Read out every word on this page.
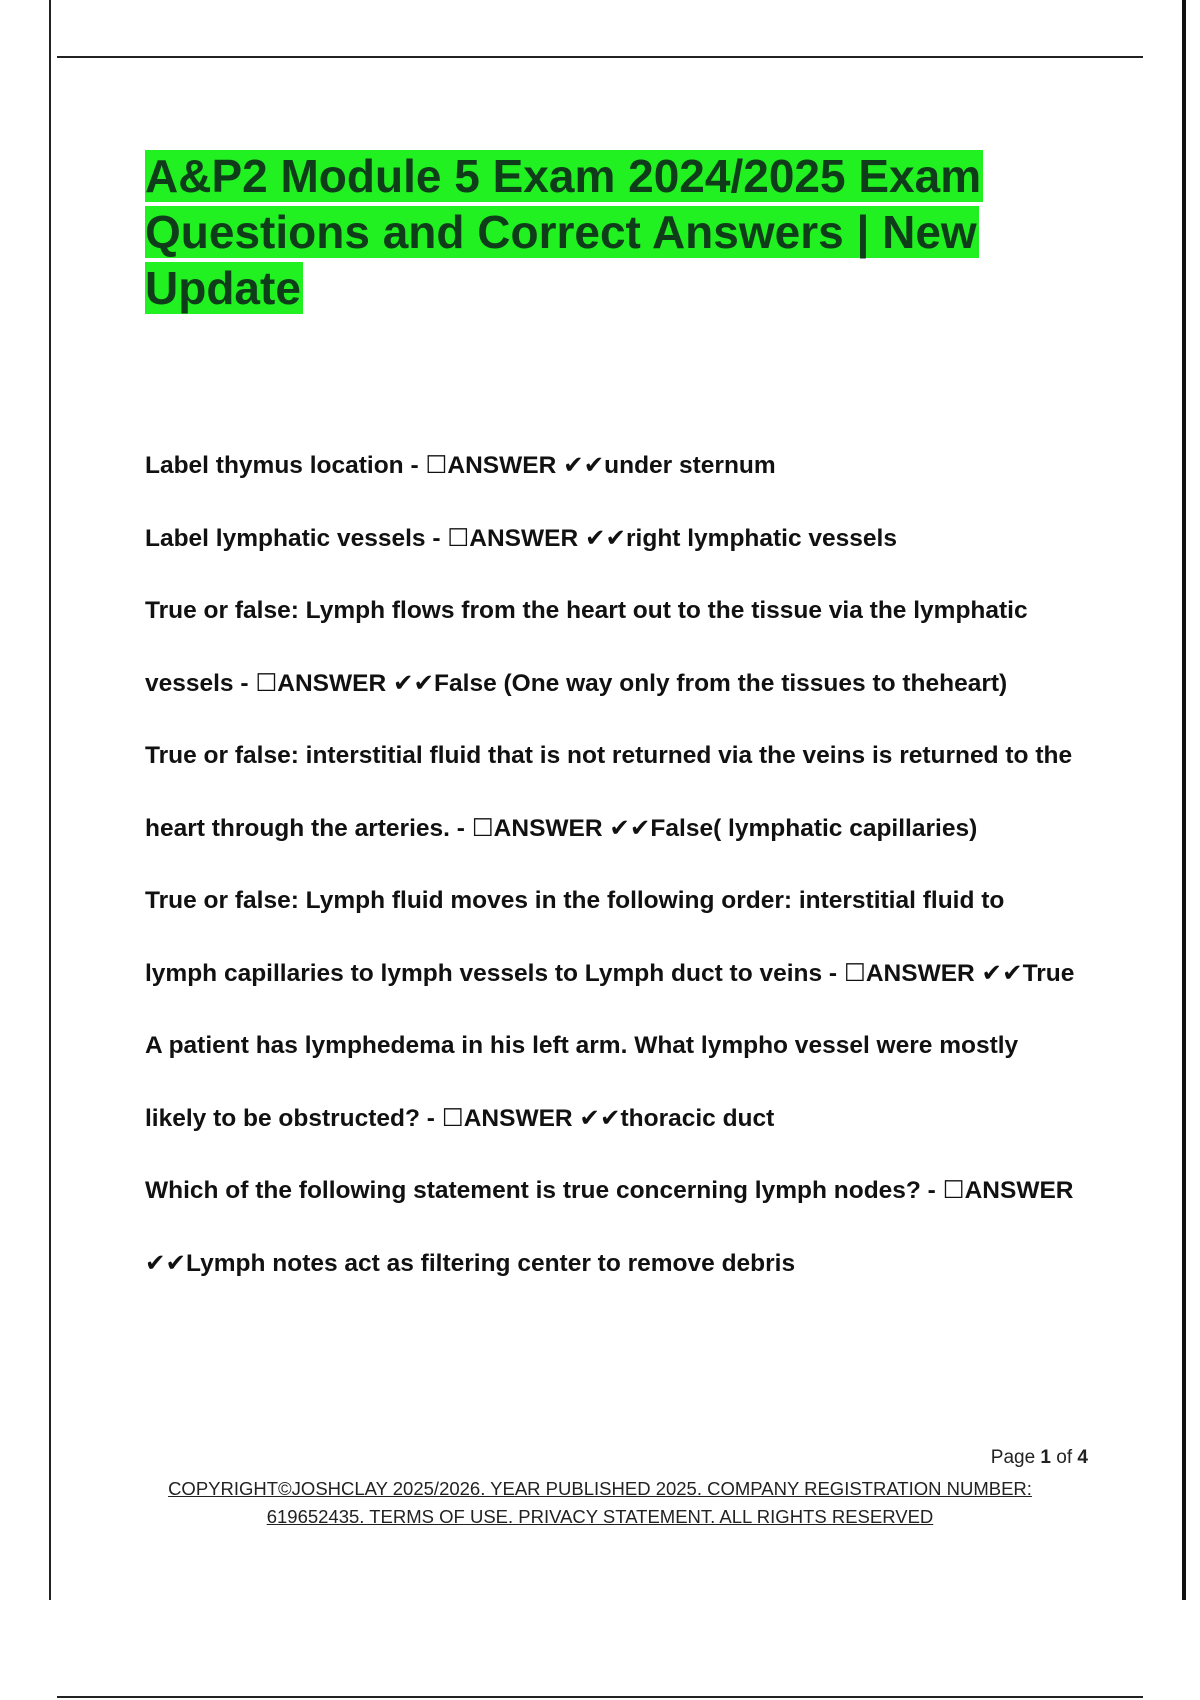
A&P2 Module 5 Exam 2024/2025 Exam
Questions and Correct Answers | New
Update
Label thymus location - ☐ANSWER ✔✔under sternum
Label lymphatic vessels - ☐ANSWER ✔✔right lymphatic vessels
True or false: Lymph flows from the heart out to the tissue via the lymphatic
vessels - ☐ANSWER ✔✔False (One way only from the tissues to theheart)
True or false: interstitial fluid that is not returned via the veins is returned to the
heart through the arteries. - ☐ANSWER ✔✔False( lymphatic capillaries)
True or false: Lymph fluid moves in the following order: interstitial fluid to
lymph capillaries to lymph vessels to Lymph duct to veins - ☐ANSWER ✔✔True
A patient has lymphedema in his left arm. What lympho vessel were mostly
likely to be obstructed? - ☐ANSWER ✔✔thoracic duct
Which of the following statement is true concerning lymph nodes? - ☐ANSWER
✔✔Lymph notes act as filtering center to remove debris
Page 1 of 4
COPYRIGHT©JOSHCLAY 2025/2026. YEAR PUBLISHED 2025. COMPANY REGISTRATION NUMBER:
619652435. TERMS OF USE. PRIVACY STATEMENT. ALL RIGHTS RESERVED
